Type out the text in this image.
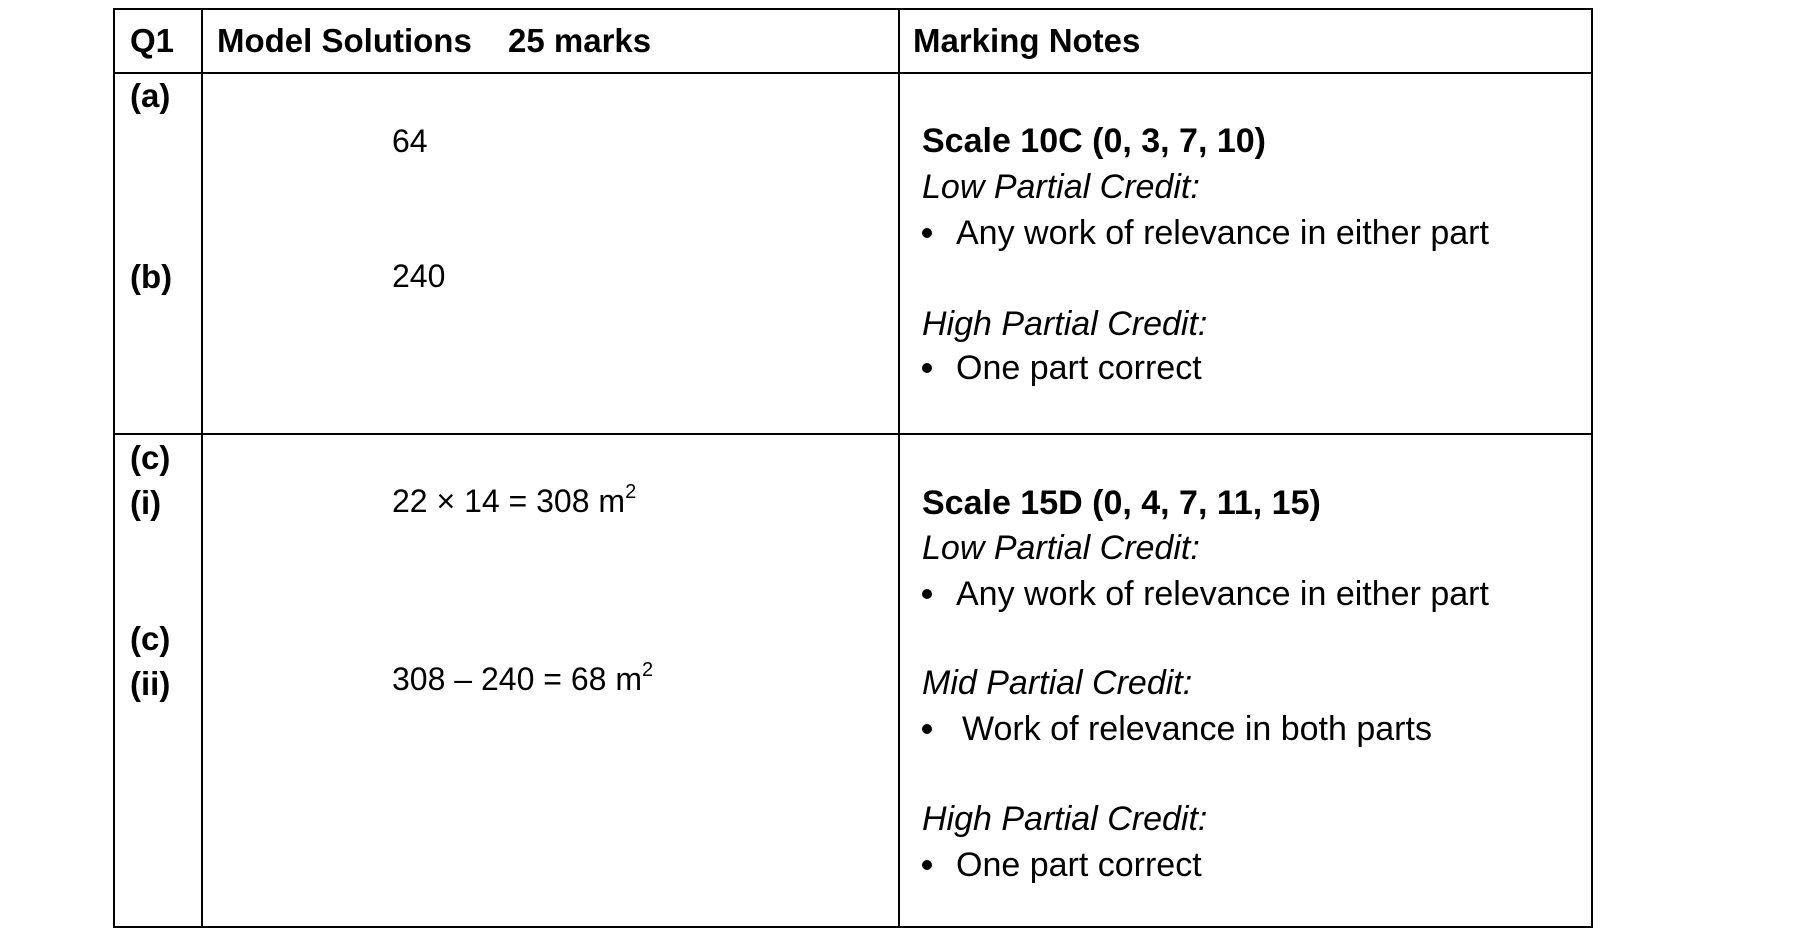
Q1 Model Solutions 25 marks	Marking Notes
(a)
(b)
64
240
Scale 10C (0, 3, 7, 10)
Low Partial Credit:
Any work of relevance in either part
High Partial Credit:
One part correct
(c)
(i)
(c)
(ii)
22 × 14 = 308 $m^2$
308 – 240 = 68 $m^2$
Scale 15D (0, 4, 7, 11, 15)
Low Partial Credit:
Any work of relevance in either part
Mid Partial Credit:
Work of relevance in both parts
High Partial Credit:
One part correct
